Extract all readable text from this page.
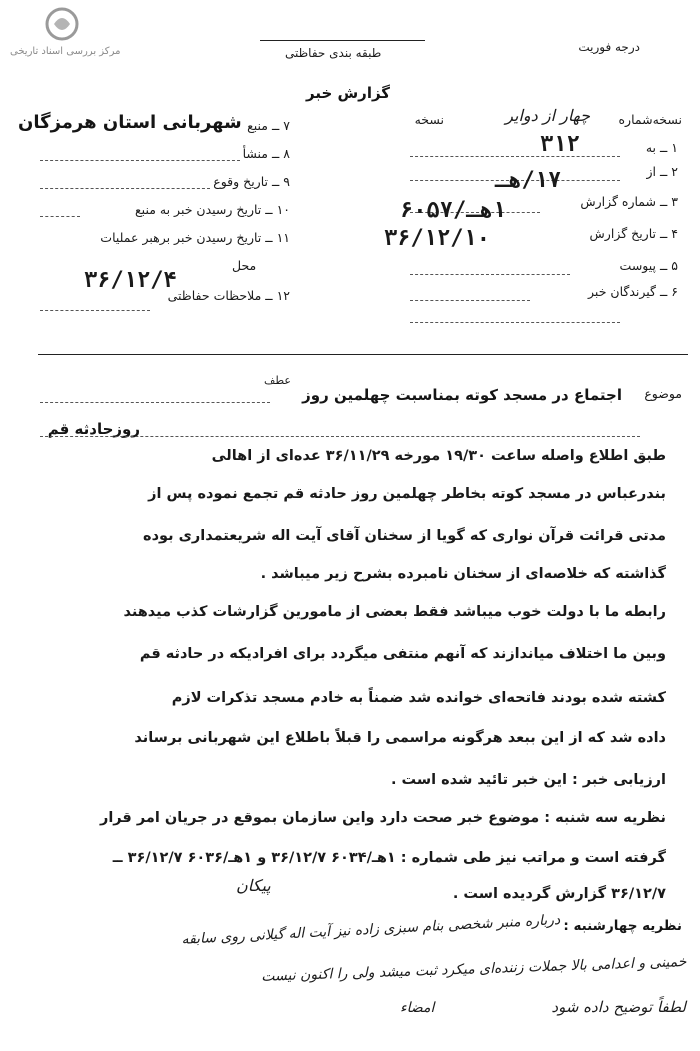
مرکز بررسی اسناد تاریخی	درجه فوریت
طبقه بندی حفاظتی
گزارش خبر
نسخه‌شماره
چهار از دوایر
نسخه
۱ ــ به
۳۱۲
۲ ــ از
۱۷/هـ
۳ ــ شماره گزارش
۱هـ/۶۰۵۷
۴ ــ تاریخ گزارش
۳۶/۱۲/۱۰
۵ ــ پیوست
۶ ــ گیرندگان خبر
۷ ــ منبع
شهربانی استان هرمزگان
۸ ــ منشأ
۹ ــ تاریخ وقوع
۱۰ ــ تاریخ رسیدن خبر به منبع
۱۱ ــ تاریخ رسیدن خبر برهبر عملیات
محل
۳۶/۱۲/۴
۱۲ ــ ملاحظات حفاظتی
عطف
موضوع
اجتماع در مسجد کوته بمناسبت چهلمین روز
روزحادثه قم
طبق اطلاع واصله ساعت ۱۹/۳۰ مورخه ۳۶/۱۱/۲۹ عده‌ای از اهالی
بندرعباس در مسجد کوته بخاطر چهلمین روز حادثه قم تجمع نموده پس از
مدتی قرائت قرآن نواری که گویا از سخنان آقای آیت اله شریعتمداری بوده
گذاشته که خلاصه‌ای از سخنان نامبرده بشرح زیر میباشد .
رابطه ما با دولت خوب میباشد فقط بعضی از مامورین گزارشات کذب میدهند
وبین ما اختلاف میاندازند که آنهم منتفی میگردد برای افرادیکه در حادثه قم
کشته شده بودند فاتحه‌ای خوانده شد ضمناً به خادم مسجد تذکرات لازم
داده شد که از این ببعد هرگونه مراسمی را قبلاً باطلاع این شهربانی برساند
ارزیابی خبر : این خبر تائید شده است .
نظریه سه شنبه : موضوع خبر صحت دارد واین سازمان بموقع در جریان امر قرار
گرفته است و مراتب نیز طی شماره : ۱هـ/۶۰۳۴ ۳۶/۱۲/۷ و ۱هـ/۶۰۳۶ ۳۶/۱۲/۷ ــ
۳۶/۱۲/۷ گزارش گردیده است .
پیکان
نظریه چهارشنبه :
درباره منبر شخصی بنام سبزی زاده نیز آیت اله گیلانی روی سابقه
خمینی و اعدامی بالا جملات زننده‌ای میکرد ثبت میشد ولی را اکنون نیست
لطفاً توضیح داده شود
امضاء
